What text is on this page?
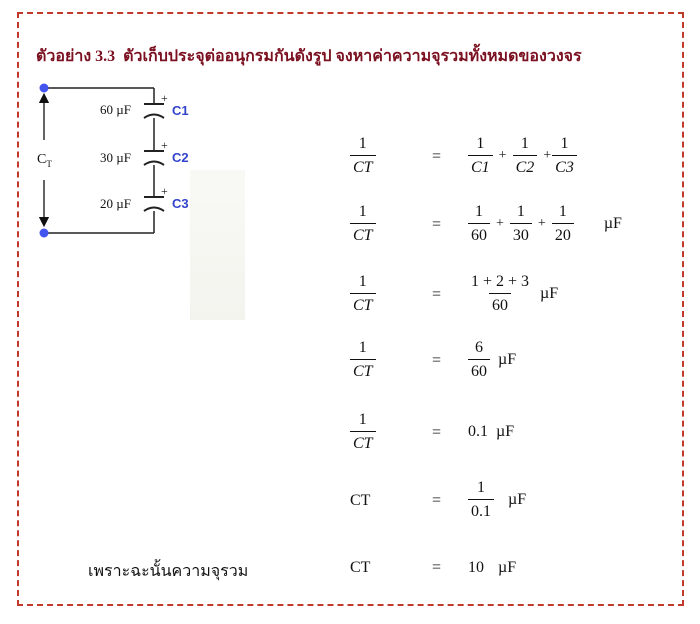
ตัวอย่าง 3.3 ตัวเก็บประจุต่ออนุกรมกันดังรูป จงหาค่าความจุรวมทั้งหมดของวงจร
$C_T$
60 µF
+
C1
30 µF
+
C2
20 µF
+
C3
$\frac{1}{CT}$	= $\frac{1}{C1} + \frac{1}{C2} + \frac{1}{C3}$
$\frac{1}{CT}$	= $\frac{1}{60} + \frac{1}{30} + \frac{1}{20}$ µF
$\frac{1}{CT}$	= $\frac{1 + 2 + 3}{60}$ µF
$\frac{1}{CT}$	= $\frac{6}{60}$ µF
$\frac{1}{CT}$	= 0.1 µF
CT	= $\frac{1}{0.1}$ µF
เพราะฉะนั้นความจุรวม	CT	= 10 µF
